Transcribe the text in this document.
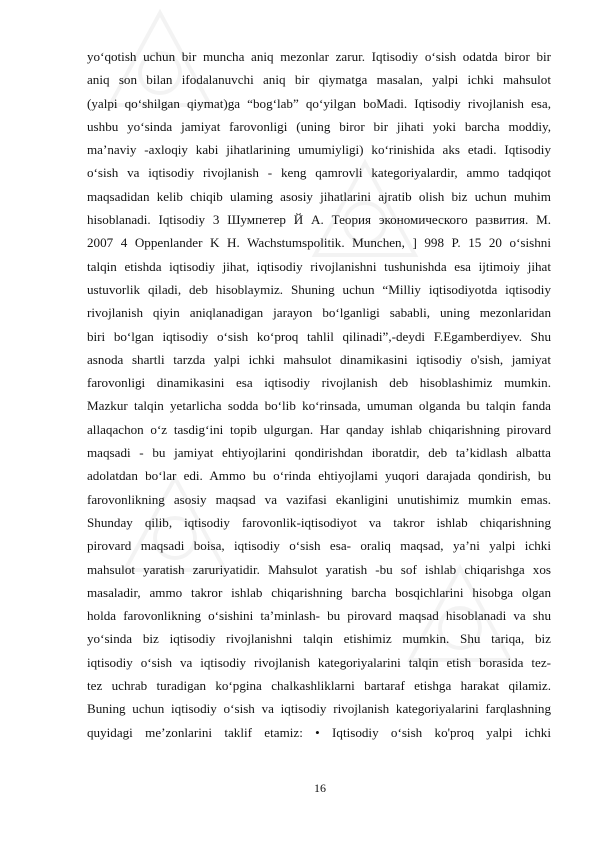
yo‘qotish uchun bir muncha aniq mezonlar zarur. Iqtisodiy o‘sish odatda biror bir
aniq son bilan ifodalanuvchi aniq bir qiymatga masalan, yalpi ichki mahsulot
(yalpi qo‘shilgan qiymat)ga “bog‘lab” qo‘yilgan boMadi. Iqtisodiy rivojlanish esa,
ushbu yo‘sinda jamiyat farovonligi (uning biror bir jihati yoki barcha moddiy,
ma’naviy -axloqiy kabi jihatlarining umumiyligi) ko‘rinishida aks etadi. Iqtisodiy
o‘sish va iqtisodiy rivojlanish - keng qamrovli kategoriyalardir, ammo tadqiqot
maqsadidan kelib chiqib ulaming asosiy jihatlarini ajratib olish biz uchun muhim
hisoblanadi. Iqtisodiy 3 Шумпетер Й А. Теория экономического развития. М.
2007 4 Oppenlander K H. Wachstumspolitik. Munchen, ] 998 P. 15 20 o‘sishni
talqin etishda iqtisodiy jihat, iqtisodiy rivojlanishni tushunishda esa ijtimoiy jihat
ustuvorlik qiladi, deb hisoblaymiz. Shuning uchun “Milliy iqtisodiyotda iqtisodiy
rivojlanish qiyin aniqlanadigan jarayon bo‘lganligi sababli, uning mezonlaridan
biri bo‘lgan iqtisodiy o‘sish ko‘proq tahlil qilinadi”,-deydi F.Egamberdiyev. Shu
asnoda shartli tarzda yalpi ichki mahsulot dinamikasini iqtisodiy o'sish, jamiyat
farovonligi dinamikasini esa iqtisodiy rivojlanish deb hisoblashimiz mumkin.
Mazkur talqin yetarlicha sodda bo‘lib ko‘rinsada, umuman olganda bu talqin fanda
allaqachon o‘z tasdig‘ini topib ulgurgan. Har qanday ishlab chiqarishning pirovard
maqsadi - bu jamiyat ehtiyojlarini qondirishdan iboratdir, deb ta’kidlash albatta
adolatdan bo‘lar edi. Ammo bu o‘rinda ehtiyojlami yuqori darajada qondirish, bu
farovonlikning asosiy maqsad va vazifasi ekanligini unutishimiz mumkin emas.
Shunday qilib, iqtisodiy farovonlik-iqtisodiyot va takror ishlab chiqarishning
pirovard maqsadi boisa, iqtisodiy o‘sish esa- oraliq maqsad, ya’ni yalpi ichki
mahsulot yaratish zaruriyatidir. Mahsulot yaratish -bu sof ishlab chiqarishga xos
masaladir, ammo takror ishlab chiqarishning barcha bosqichlarini hisobga olgan
holda farovonlikning o‘sishini ta’minlash- bu pirovard maqsad hisoblanadi va shu
yo‘sinda biz iqtisodiy rivojlanishni talqin etishimiz mumkin. Shu tariqa, biz
iqtisodiy o‘sish va iqtisodiy rivojlanish kategoriyalarini talqin etish borasida tez-
tez uchrab turadigan ko‘pgina chalkashliklarni bartaraf etishga harakat qilamiz.
Buning uchun iqtisodiy o‘sish va iqtisodiy rivojlanish kategoriyalarini farqlashning
quyidagi me’zonlarini taklif etamiz: • Iqtisodiy o‘sish ko'proq yalpi ichki
16
